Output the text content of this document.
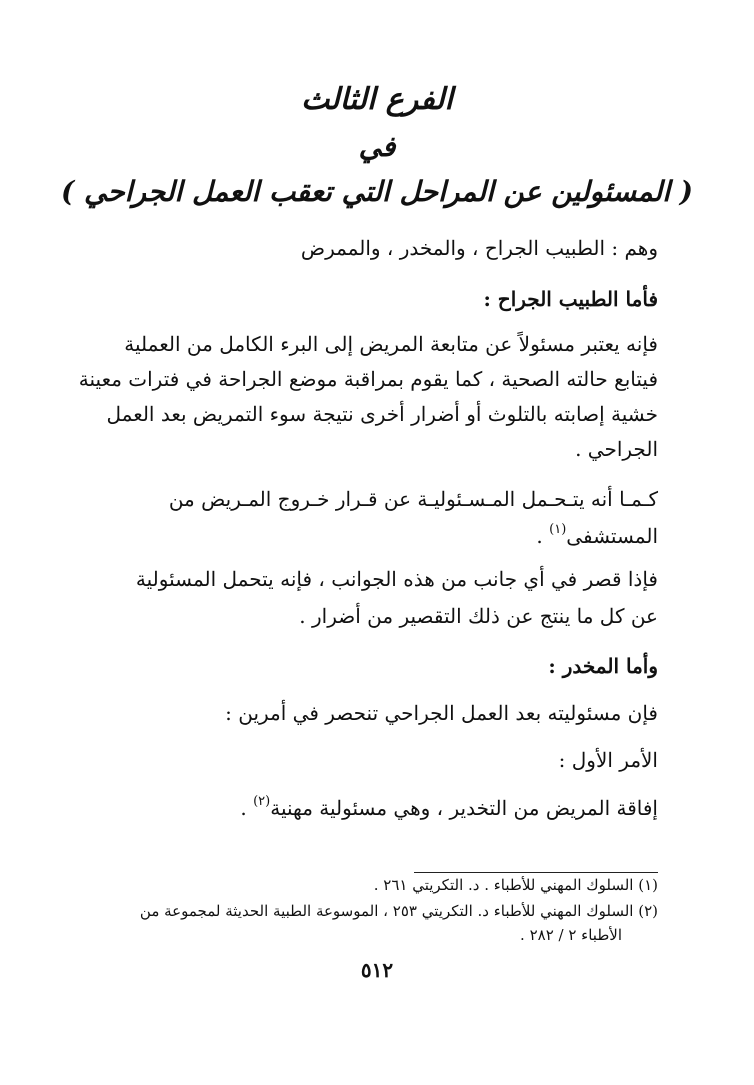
الفرع الثالث
في
( المسئولين عن المراحل التي تعقب العمل الجراحي )
وهم : الطبيب الجراح ، والمخدر ، والممرض
فأما الطبيب الجراح :
فإنه يعتبر مسئولاً عن متابعة المريض إلى البرء الكامل من العملية
فيتابع حالته الصحية ، كما يقوم بمراقبة موضع الجراحة في فترات معينة
خشية إصابته بالتلوث أو أضرار أخرى نتيجة سوء التمريض بعد العمل
الجراحي .
كـمـا أنه يتـحـمل المـسـئوليـة عن قـرار خـروج المـريض من
المستشفى$^{(١)}$ .
فإذا قصر في أي جانب من هذه الجوانب ، فإنه يتحمل المسئولية
عن كل ما ينتج عن ذلك التقصير من أضرار .
وأما المخدر :
فإن مسئوليته بعد العمل الجراحي تنحصر في أمرين :
الأمر الأول :
إفاقة المريض من التخدير ، وهي مسئولية مهنية$^{(٢)}$ .
(١) السلوك المهني للأطباء . د. التكريتي ٢٦١ .
(٢) السلوك المهني للأطباء د. التكريتي ٢٥٣ ، الموسوعة الطبية الحديثة لمجموعة من
الأطباء ٢ / ٢٨٢ .
٥١٢
